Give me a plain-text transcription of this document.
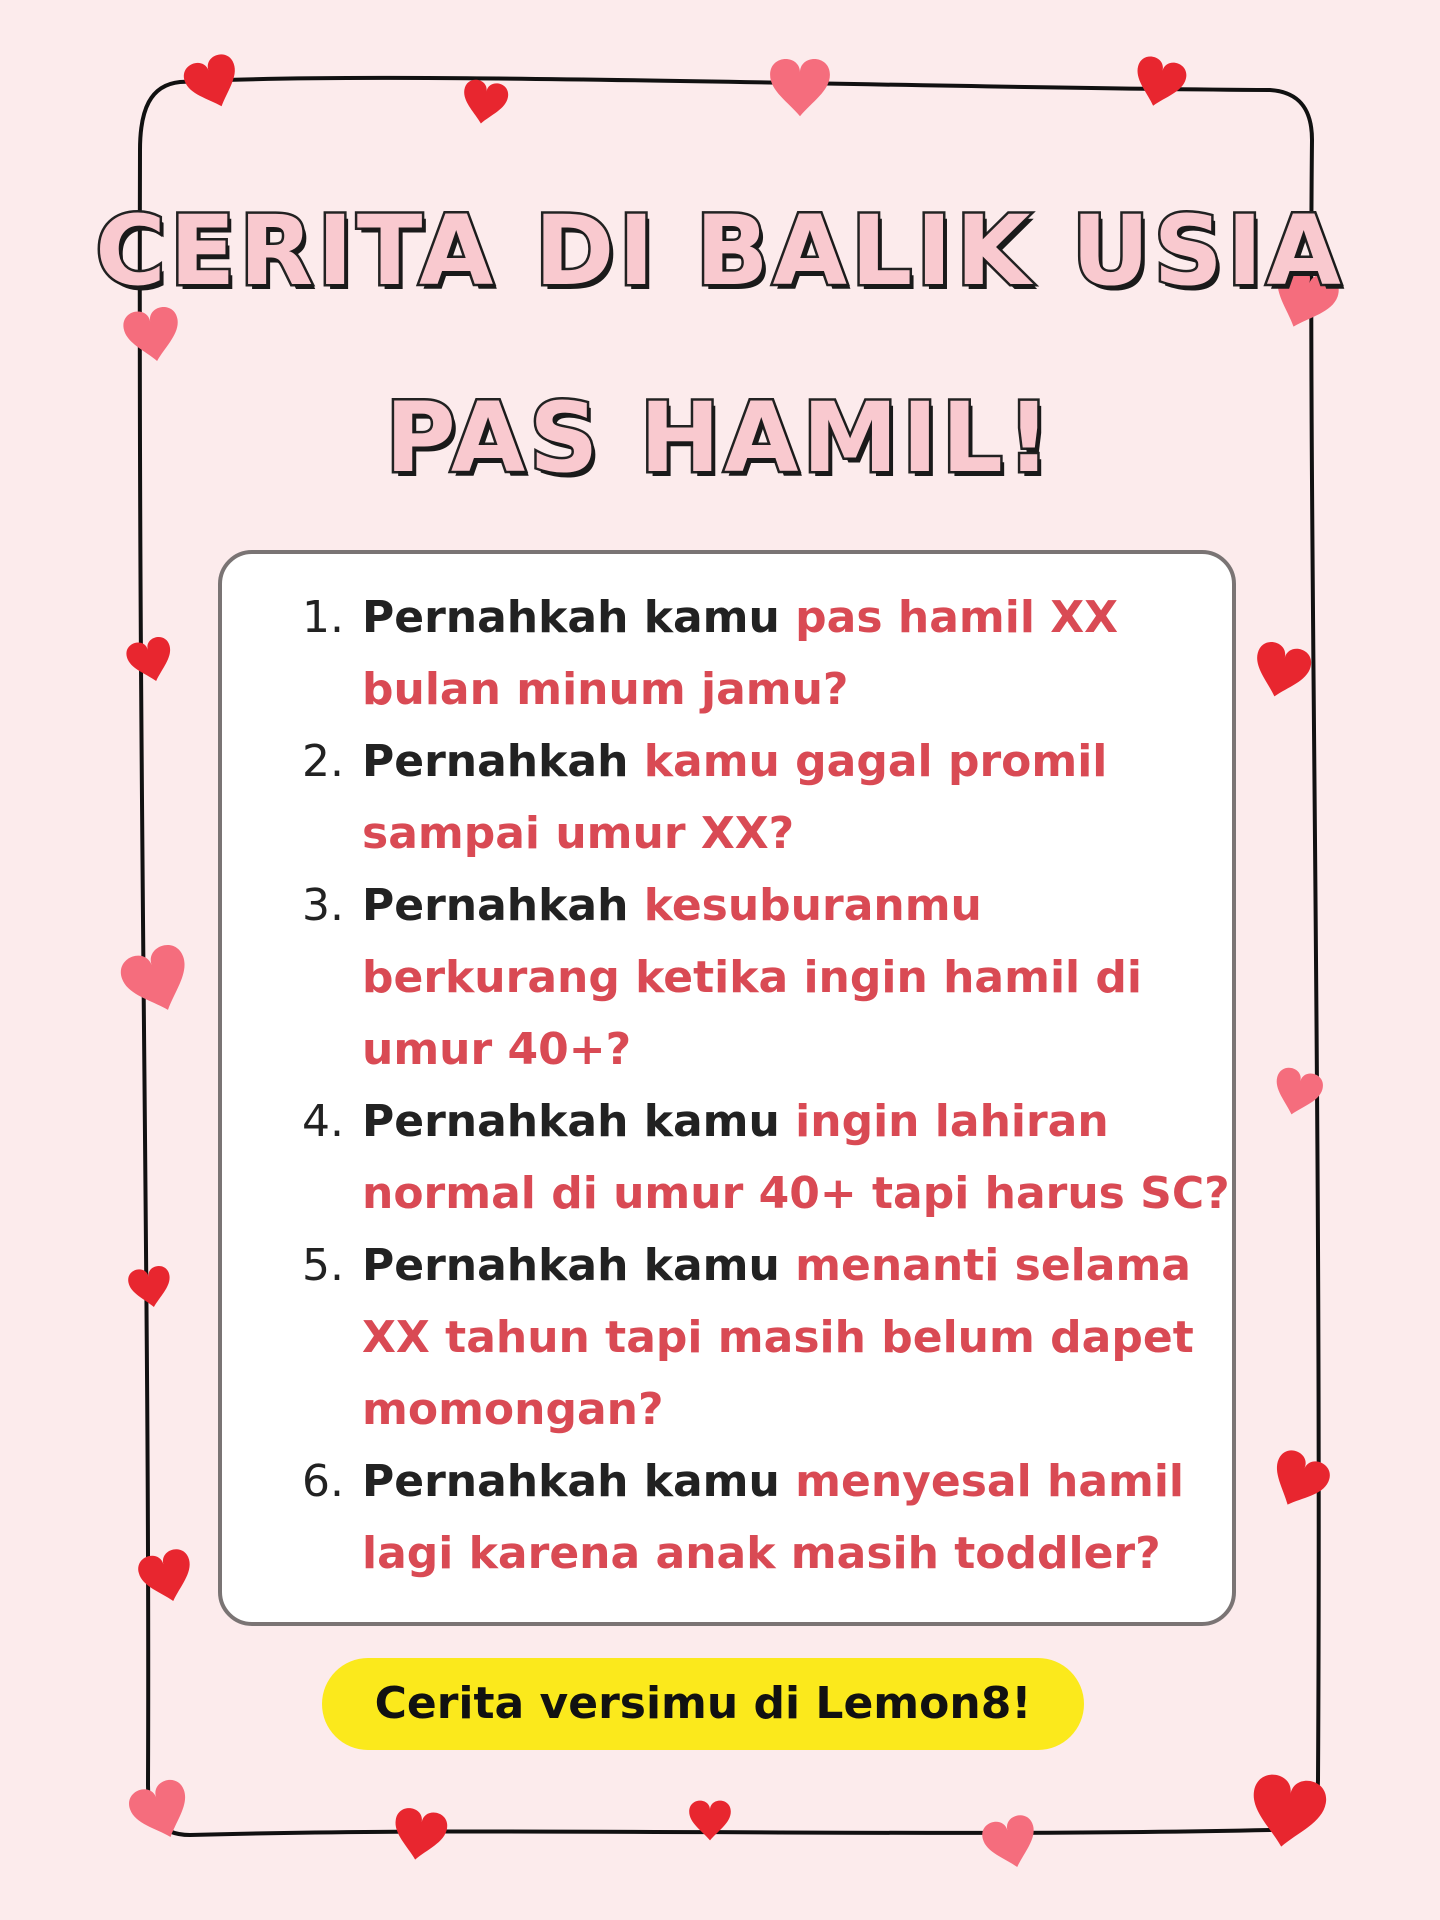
CERITA DI BALIK USIA
PAS HAMIL!
1. Pernahkah kamu pas hamil XX bulan minum jamu?
2. Pernahkah kamu gagal promil sampai umur XX?
3. Pernahkah kesuburanmu berkurang ketika ingin hamil di umur 40+?
4. Pernahkah kamu ingin lahiran normal di umur 40+ tapi harus SC?
5. Pernahkah kamu menanti selama XX tahun tapi masih belum dapet momongan?
6. Pernahkah kamu menyesal hamil lagi karena anak masih toddler?
Cerita versimu di Lemon8!
